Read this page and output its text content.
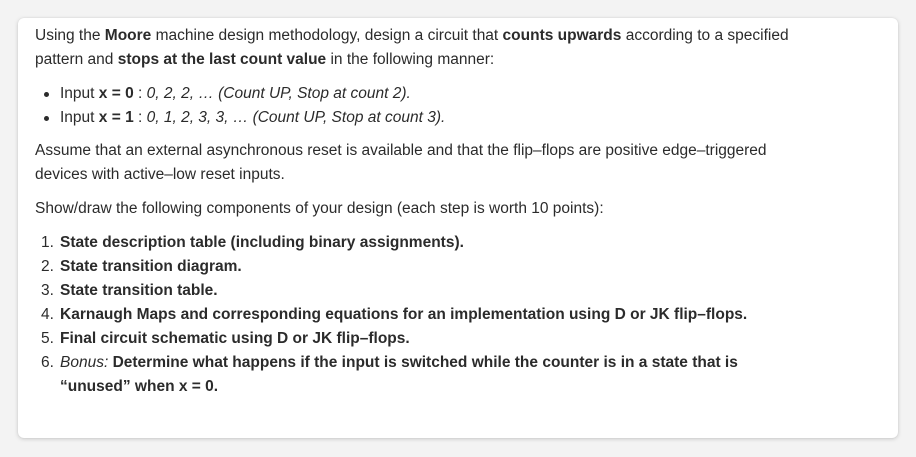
Using the Moore machine design methodology, design a circuit that counts upwards according to a specified pattern and stops at the last count value in the following manner:

Input x = 0 : 0, 2, 2, … (Count UP, Stop at count 2).
Input x = 1 : 0, 1, 2, 3, 3, … (Count UP, Stop at count 3).

Assume that an external asynchronous reset is available and that the flip–flops are positive edge–triggered devices with active–low reset inputs.

Show/draw the following components of your design (each step is worth 10 points):

1. State description table (including binary assignments).
2. State transition diagram.
3. State transition table.
4. Karnaugh Maps and corresponding equations for an implementation using D or JK flip–flops.
5. Final circuit schematic using D or JK flip–flops.
6. Bonus: Determine what happens if the input is switched while the counter is in a state that is “unused” when x = 0.
